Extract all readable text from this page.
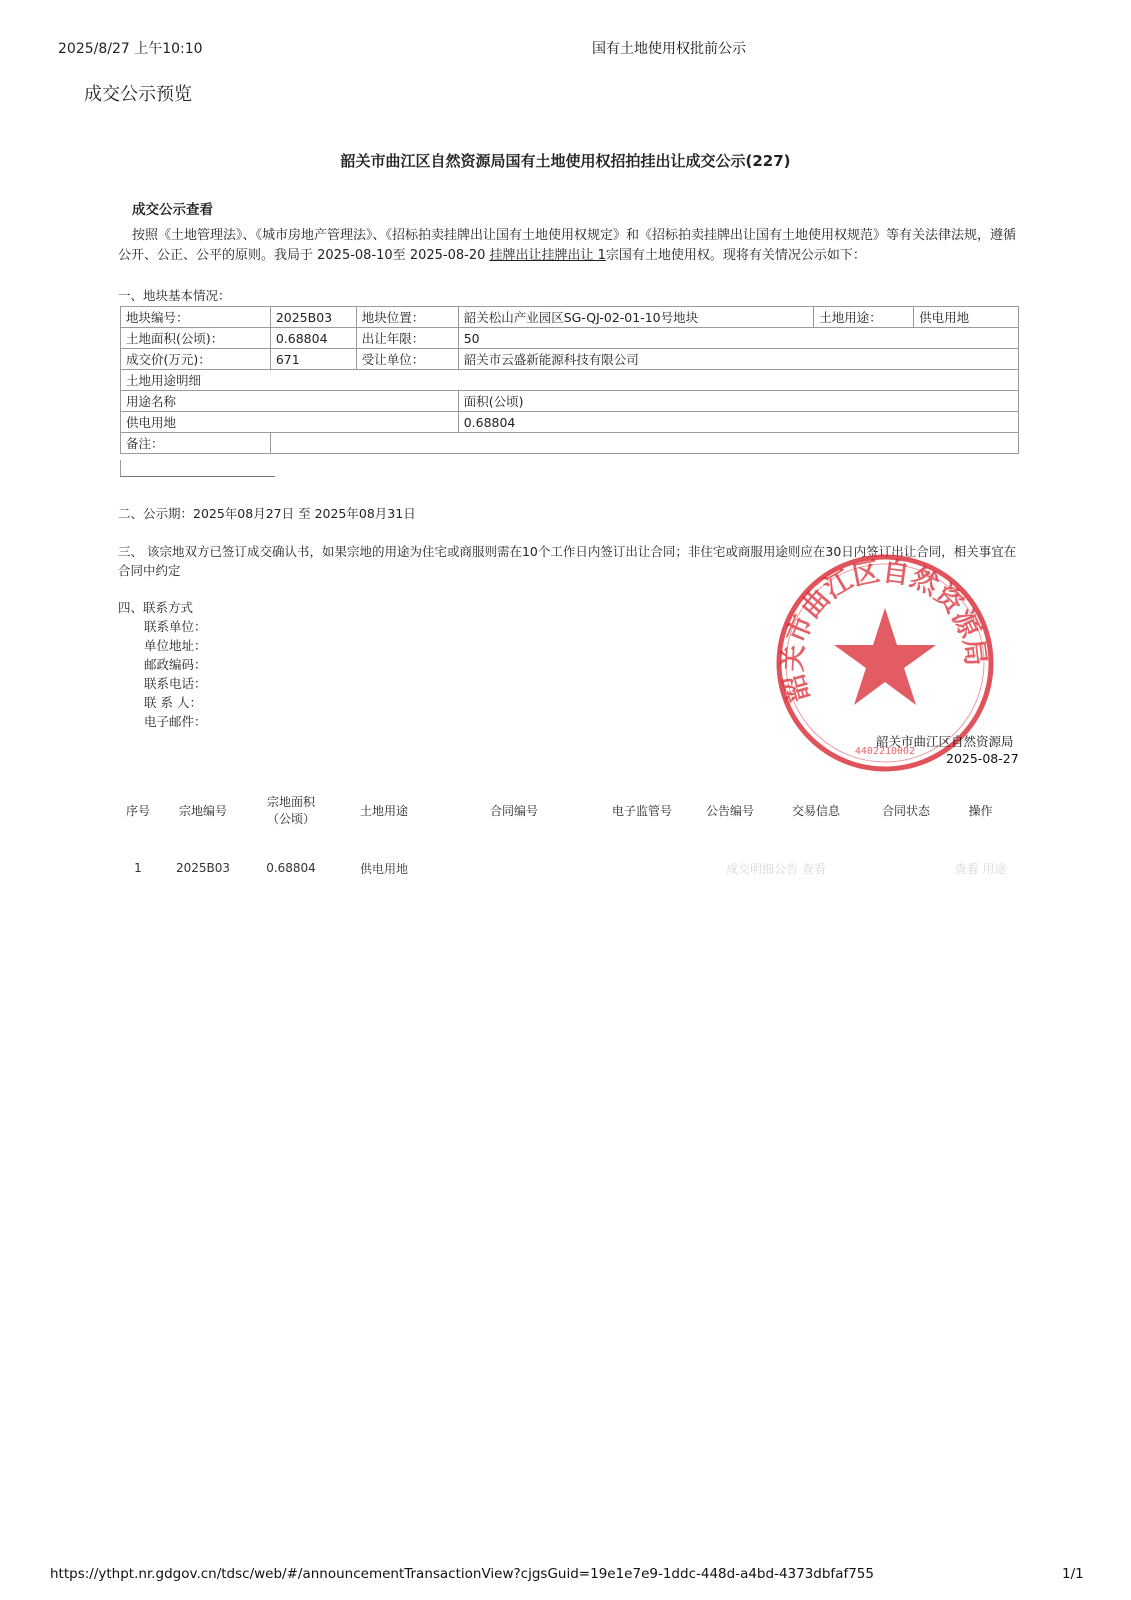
2025/8/27 上午10:10	国有土地使用权批前公示
成交公示预览
韶关市曲江区自然资源局国有土地使用权招拍挂出让成交公示(227)
成交公示查看
按照《土地管理法》、《城市房地产管理法》、《招标拍卖挂牌出让国有土地使用权规定》和《招标拍卖挂牌出让国有土地使用权规范》等有关法律法规，遵循公开、公正、公平的原则。我局于 2025-08-10至 2025-08-20 挂牌出让挂牌出让 1宗国有土地使用权。现将有关情况公示如下：
一、地块基本情况：
地块编号：	2025B03	地块位置：	韶关松山产业园区SG-QJ-02-01-10号地块	土地用途：	供电用地
土地面积(公顷)：	0.68804	出让年限：	50		
成交价(万元)：	671	受让单位：	韶关市云盛新能源科技有限公司		
土地用途明细					
用途名称			面积(公顷)		
供电用地			0.68804		
备注：					
二、公示期：2025年08月27日 至 2025年08月31日
三、 该宗地双方已签订成交确认书，如果宗地的用途为住宅或商服则需在10个工作日内签订出让合同；非住宅或商服用途则应在30日内签订出让合同，相关事宜在合同中约定
四、联系方式
联系单位：
单位地址：
邮政编码：
联系电话：
联 系 人：
电子邮件：
韶关市曲江区自然资源局
4402210002
韶关市曲江区自然资源局
2025-08-27
序号	宗地编号	宗地面积
（公顷）	土地用途	合同编号	电子监管号	公告编号	交易信息	合同状态	操作
1	2025B03	0.68804	供电用地			成交明细公告 查看			查看 用途
https://ythpt.nr.gdgov.cn/tdsc/web/#/announcementTransactionView?cjgsGuid=19e1e7e9-1ddc-448d-a4bd-4373dbfaf755	1/1
